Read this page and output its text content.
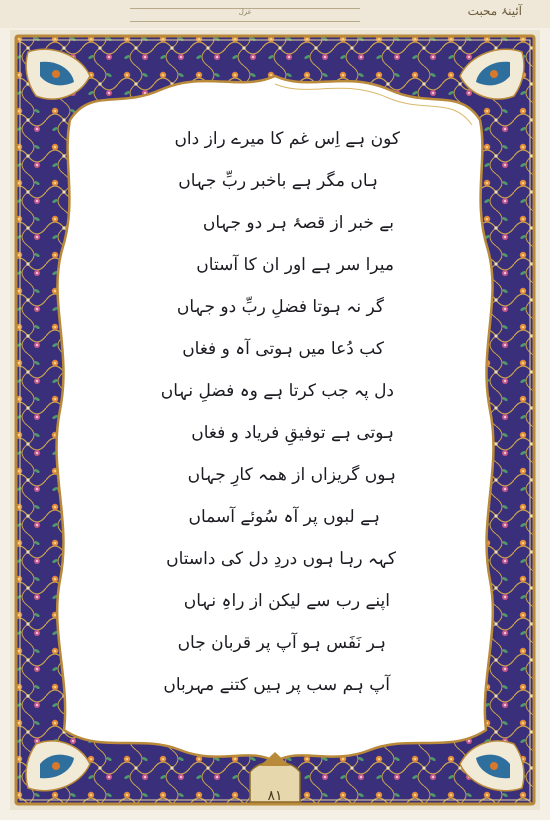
غزل	آئینۂ محبت
کون ہے اِس غم کا میرے راز داں
ہاں مگر ہے باخبر ربِّ جہاں
بے خبر از قصۂ ہر دو جہاں
میرا سر ہے اور ان کا آستاں
گر نہ ہوتا فضلِ ربِّ دو جہاں
کب دُعا میں ہوتی آہ و فغاں
دل پہ جب کرتا ہے وہ فضلِ نہاں
ہوتی ہے توفیقِ فریاد و فغاں
ہوں گریزاں از ھمہ کارِ جہاں
ہے لبوں پر آہ سُوئے آسماں
کہہ رہا ہوں دردِ دل کی داستاں
اپنے رب سے لیکن از راہِ نہاں
ہر نَفَس ہو آپ پر قربان جاں
آپ ہم سب پر ہیں کتنے مہرباں
٨١
